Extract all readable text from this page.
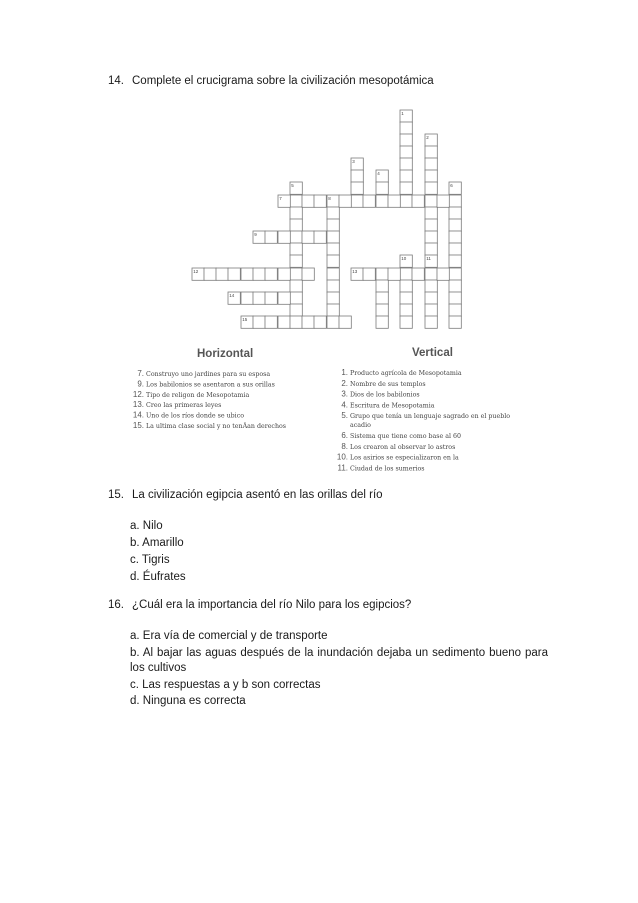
14. Complete el crucigrama sobre la civilización mesopotámica
1
2
3
4
5	6
7	8
9
10	11
12	13
14
15
Horizontal	Vertical
7. Construyo uno jardines para su esposa
9. Los babilonios se asentaron a sus orillas
12. Tipo de religon de Mesopotamia
13. Creo las primeras leyes
14. Uno de los ríos donde se ubico
15. La ultima clase social y no tenÃan derechos
1. Producto agrícola de Mesopotamia
2. Nombre de sus templos
3. Dios de los babilonios
4. Escritura de Mesopotamia
5. Grupo que tenía un lenguaje sagrado en el pueblo
acadio
6. Sistema que tiene como base al 60
8. Los crearon al observar lo astros
10. Los asirios se especializaron en la
11. Ciudad de los sumerios
15. La civilización egipcia asentó en las orillas del río
a. Nilo
b. Amarillo
c. Tigris
d. Éufrates
16. ¿Cuál era la importancia del río Nilo para los egipcios?
a. Era vía de comercial y de transporte
b. Al bajar las aguas después de la inundación dejaba un sedimento bueno para los cultivos
c. Las respuestas a y b son correctas
d. Ninguna es correcta
